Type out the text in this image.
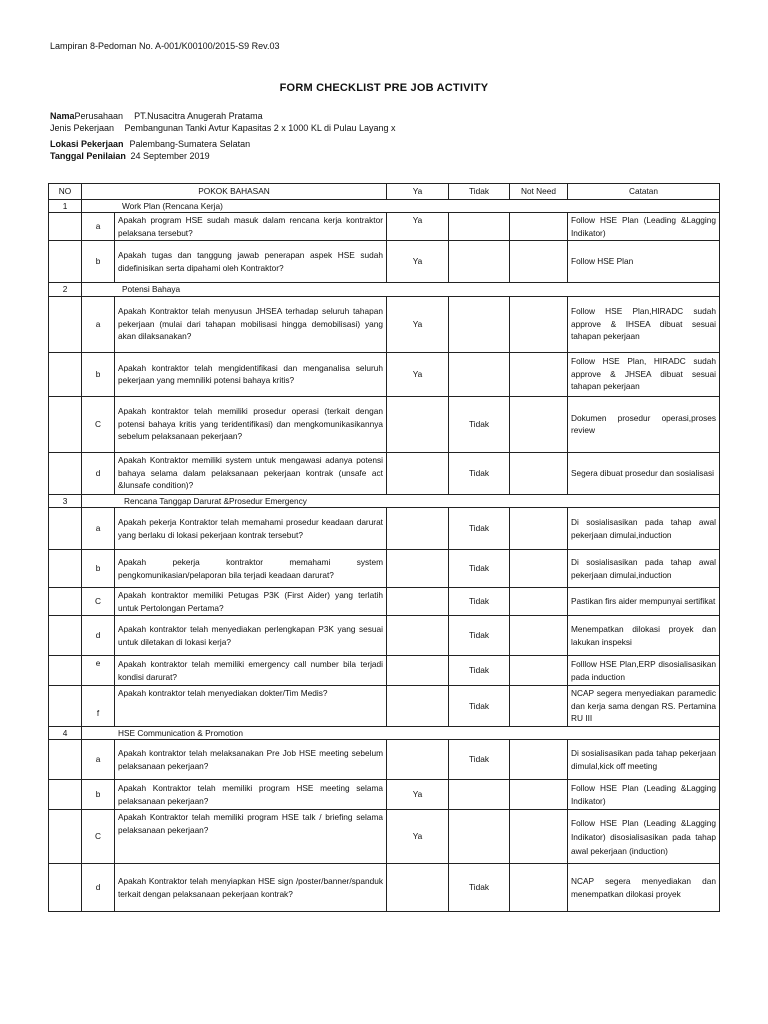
Lampiran 8-Pedoman No. A-001/K00100/2015-S9 Rev.03
FORM CHECKLIST PRE JOB ACTIVITY
NamaPerusahaan PT.Nusacitra Anugerah Pratama
Jenis Pekerjaan Pembangunan Tanki Avtur Kapasitas 2 x 1000 KL di Pulau Layang x
Lokasi Pekerjaan Palembang-Sumatera Selatan
Tanggal Penilaian 24 September 2019
NO	POKOK BAHASAN		Ya	Tidak	Not Need	Catatan
1	Work Plan (Rencana Kerja)					
	a	Apakah program HSE sudah masuk dalam rencana kerja kontraktor pelaksana tersebut?	Ya			Follow HSE Plan (Leading &Lagging Indikator)
	b	Apakah tugas dan tanggung jawab penerapan aspek HSE sudah didefinisikan serta dipahami oleh Kontraktor?	Ya			Follow HSE Plan
2	Potensi Bahaya					
	a	Apakah Kontraktor telah menyusun JHSEA terhadap seluruh tahapan pekerjaan (mulai dari tahapan mobilisasi hingga demobilisasi) yang akan dilaksanakan?	Ya			Follow HSE Plan,HIRADC sudah approve & IHSEA dibuat sesuai tahapan pekerjaan
	b	Apakah kontraktor telah mengidentifikasi dan menganalisa seluruh pekerjaan yang memniliki potensi bahaya kritis?	Ya			Follow HSE Plan, HIRADC sudah approve & JHSEA dibuat sesuai tahapan pekerjaan
	C	Apakah kontraktor telah memiliki prosedur operasi (terkait dengan potensi bahaya kritis yang teridentifikasi) dan mengkomunikasikannya sebelum pelaksanaan pekerjaan?		Tidak		Dokumen prosedur operasi,proses review
	d	Apakah Kontraktor memiliki system untuk mengawasi adanya potensi bahaya selama dalam pelaksanaan pekerjaan kontrak (unsafe act &lunsafe condition)?		Tidak		Segera dibuat prosedur dan sosialisasi
3	Rencana Tanggap Darurat &Prosedur Emergency					
	a	Apakah pekerja Kontraktor telah memahami prosedur keadaan darurat yang berlaku di lokasi pekerjaan kontrak tersebut?		Tidak		Di sosialisasikan pada tahap awal pekerjaan dimulai,induction
	b	Apakah pekerja kontraktor memahami system pengkomunikasian/pelaporan bila terjadi keadaan darurat?		Tidak		Di sosialisasikan pada tahap awal pekerjaan dimulai,induction
	C	Apakah kontraktor memiliki Petugas P3K (First Aider) yang terlatih untuk Pertolongan Pertama?		Tidak		Pastikan firs aider mempunyai sertifikat
	d	Apakah kontraktor telah menyediakan perlengkapan P3K yang sesuai untuk diletakan di lokasi kerja?		Tidak		Menempatkan dilokasi proyek dan lakukan inspeksi
	e	Apakah kontraktor telah memiliki emergency call number bila terjadi kondisi darurat?		Tidak		Folllow HSE Plan,ERP disosialisasikan pada induction
	f	Apakah kontraktor telah menyediakan dokter/Tim Medis?		Tidak		NCAP segera menyediakan paramedic dan kerja sama dengan RS. Pertamina RU III
4	HSE Communication & Promotion					
	a	Apakah kontraktor telah melaksanakan Pre Job HSE meeting sebelum pelaksanaan pekerjaan?		Tidak		Di sosialisasikan pada tahap pekerjaan dimulal,kick off meeting
	b	Apakah Kontraktor telah memiliki program HSE meeting selama pelaksanaan pekerjaan?	Ya			Follow HSE Plan (Leading &Lagging Indikator)
	C	Apakah Kontraktor telah memiliki program HSE talk / briefing selama pelaksanaan pekerjaan?	Ya			Follow HSE Plan (Leading &Lagging Indikator) disosialisasikan pada tahap awal pekerjaan (induction)
	d	Apakah Kontraktor telah menyiapkan HSE sign /poster/banner/spanduk terkait dengan pelaksanaan pekerjaan kontrak?		Tidak		NCAP segera menyediakan dan menempatkan dilokasi proyek
